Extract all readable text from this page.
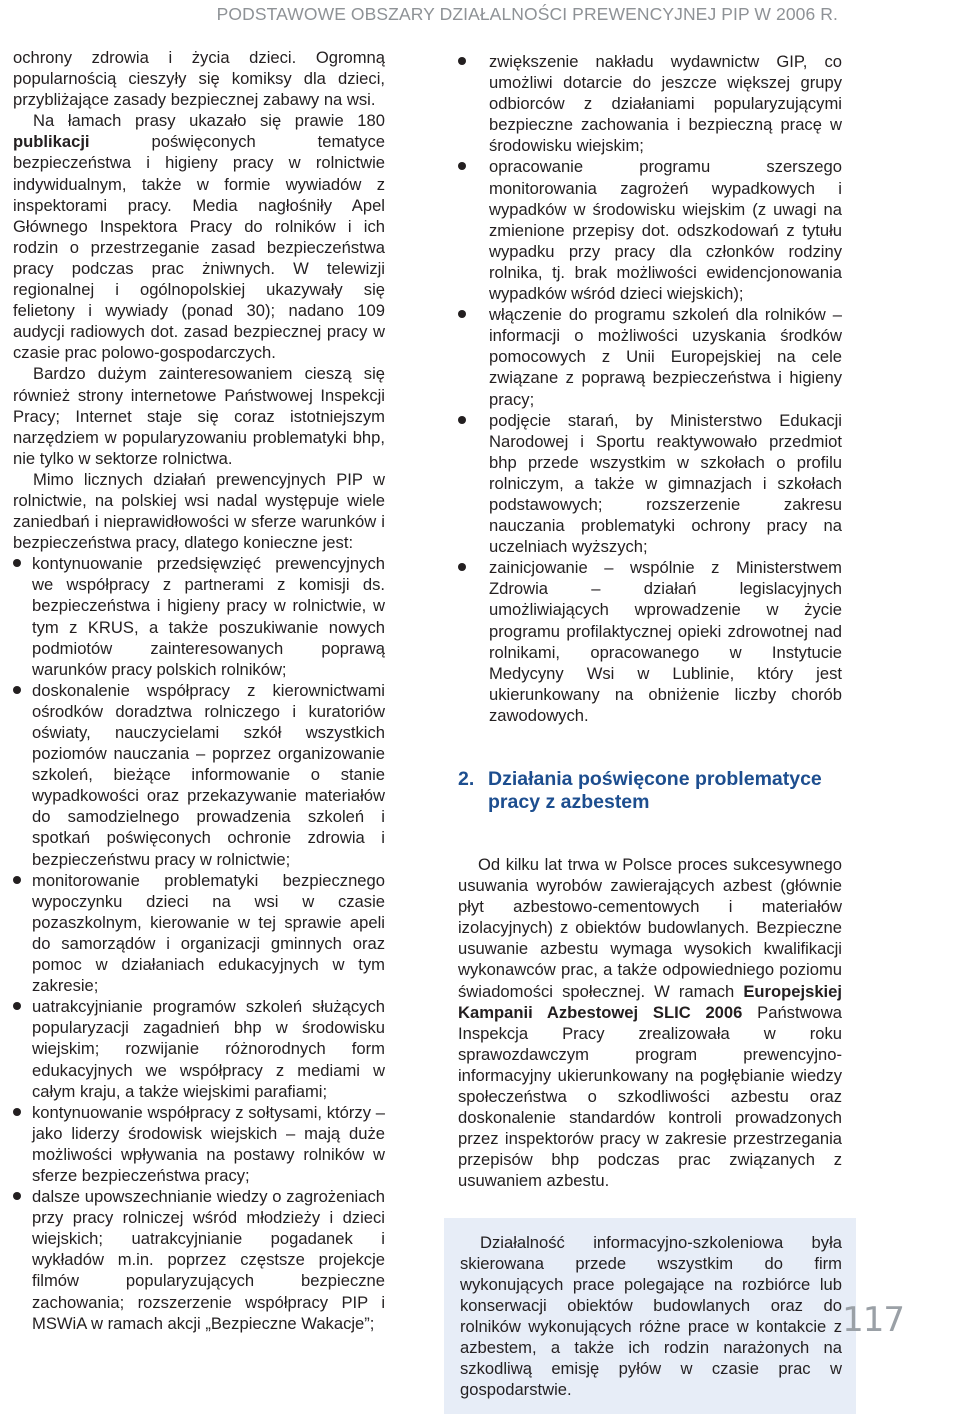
PODSTAWOWE OBSZARY DZIAŁALNOŚCI PREWENCYJNEJ PIP W 2006 R.

ochrony zdrowia i życia dzieci. Ogromną popularnością cieszyły się komiksy dla dzieci, przybliżające zasady bezpiecznej zabawy na wsi.

Na łamach prasy ukazało się prawie 180 publikacji poświęconych tematyce bezpieczeństwa i higieny pracy w rolnictwie indywidualnym, także w formie wywiadów z inspektorami pracy. Media nagłośniły Apel Głównego Inspektora Pracy do rolników i ich rodzin o przestrzeganie zasad bezpieczeństwa pracy podczas prac żniwnych. W telewizji regionalnej i ogólnopolskiej ukazywały się felietony i wywiady (ponad 30); nadano 109 audycji radiowych dot. zasad bezpiecznej pracy w czasie prac polowo-gospodarczych.

Bardzo dużym zainteresowaniem cieszą się również strony internetowe Państwowej Inspekcji Pracy; Internet staje się coraz istotniejszym narzędziem w popularyzowaniu problematyki bhp, nie tylko w sektorze rolnictwa.

Mimo licznych działań prewencyjnych PIP w rolnictwie, na polskiej wsi nadal występuje wiele zaniedbań i nieprawidłowości w sferze warunków i bezpieczeństwa pracy, dlatego konieczne jest:

kontynuowanie przedsięwzięć prewencyjnych we współpracy z partnerami z komisji ds. bezpieczeństwa i higieny pracy w rolnictwie, w tym z KRUS, a także poszukiwanie nowych podmiotów zainteresowanych poprawą warunków pracy polskich rolników;
doskonalenie współpracy z kierownictwami ośrodków doradztwa rolniczego i kuratoriów oświaty, nauczycielami szkół wszystkich poziomów nauczania – poprzez organizowanie szkoleń, bieżące informowanie o stanie wypadkowości oraz przekazywanie materiałów do samodzielnego prowadzenia szkoleń i spotkań poświęconych ochronie zdrowia i bezpieczeństwu pracy w rolnictwie;
monitorowanie problematyki bezpiecznego wypoczynku dzieci na wsi w czasie pozaszkolnym, kierowanie w tej sprawie apeli do samorządów i organizacji gminnych oraz pomoc w działaniach edukacyjnych w tym zakresie;
uatrakcyjnianie programów szkoleń służących popularyzacji zagadnień bhp w środowisku wiejskim; rozwijanie różnorodnych form edukacyjnych we współpracy z mediami w całym kraju, a także wiejskimi parafiami;
kontynuowanie współpracy z sołtysami, którzy – jako liderzy środowisk wiejskich – mają duże możliwości wpływania na postawy rolników w sferze bezpieczeństwa pracy;
dalsze upowszechnianie wiedzy o zagrożeniach przy pracy rolniczej wśród młodzieży i dzieci wiejskich; uatrakcyjnianie pogadanek i wykładów m.in. poprzez częstsze projekcje filmów popularyzujących bezpieczne zachowania; rozszerzenie współpracy PIP i MSWiA w ramach akcji „Bezpieczne Wakacje”;
zwiększenie nakładu wydawnictw GIP, co umożliwi dotarcie do jeszcze większej grupy odbiorców z działaniami popularyzującymi bezpieczne zachowania i bezpieczną pracę w środowisku wiejskim;
opracowanie programu szerszego monitorowania zagrożeń wypadkowych i wypadków w środowisku wiejskim (z uwagi na zmienione przepisy dot. odszkodowań z tytułu wypadku przy pracy dla członków rodziny rolnika, tj. brak możliwości ewidencjonowania wypadków wśród dzieci wiejskich);
włączenie do programu szkoleń dla rolników – informacji o możliwości uzyskania środków pomocowych z Unii Europejskiej na cele związane z poprawą bezpieczeństwa i higieny pracy;
podjęcie starań, by Ministerstwo Edukacji Narodowej i Sportu reaktywowało przedmiot bhp przede wszystkim w szkołach o profilu rolniczym, a także w gimnazjach i szkołach podstawowych; rozszerzenie zakresu nauczania problematyki ochrony pracy na uczelniach wyższych;
zainicjowanie – wspólnie z Ministerstwem Zdrowia – działań legislacyjnych umożliwiających wprowadzenie w życie programu profilaktycznej opieki zdrowotnej nad rolnikami, opracowanego w Instytucie Medycyny Wsi w Lublinie, który jest ukierunkowany na obniżenie liczby chorób zawodowych.
2. Działania poświęcone problematyce pracy z azbestem

Od kilku lat trwa w Polsce proces sukcesywnego usuwania wyrobów zawierających azbest (głównie płyt azbestowo-cementowych i materiałów izolacyjnych) z obiektów budowlanych. Bezpieczne usuwanie azbestu wymaga wysokich kwalifikacji wykonawców prac, a także odpowiedniego poziomu świadomości społecznej. W ramach Europejskiej Kampanii Azbestowej SLIC 2006 Państwowa Inspekcja Pracy zrealizowała w roku sprawozdawczym program prewencyjno-informacyjny ukierunkowany na pogłębianie wiedzy społeczeństwa o szkodliwości azbestu oraz doskonalenie standardów kontroli prowadzonych przez inspektorów pracy w zakresie przestrzegania przepisów bhp podczas prac związanych z usuwaniem azbestu.

Działalność informacyjno-szkoleniowa była skierowana przede wszystkim do firm wykonujących prace polegające na rozbiórce lub konserwacji obiektów budowlanych oraz do rolników wykonujących różne prace w kontakcie z azbestem, a także ich rodzin narażonych na szkodliwą emisję pyłów w czasie prac w gospodarstwie.

117
